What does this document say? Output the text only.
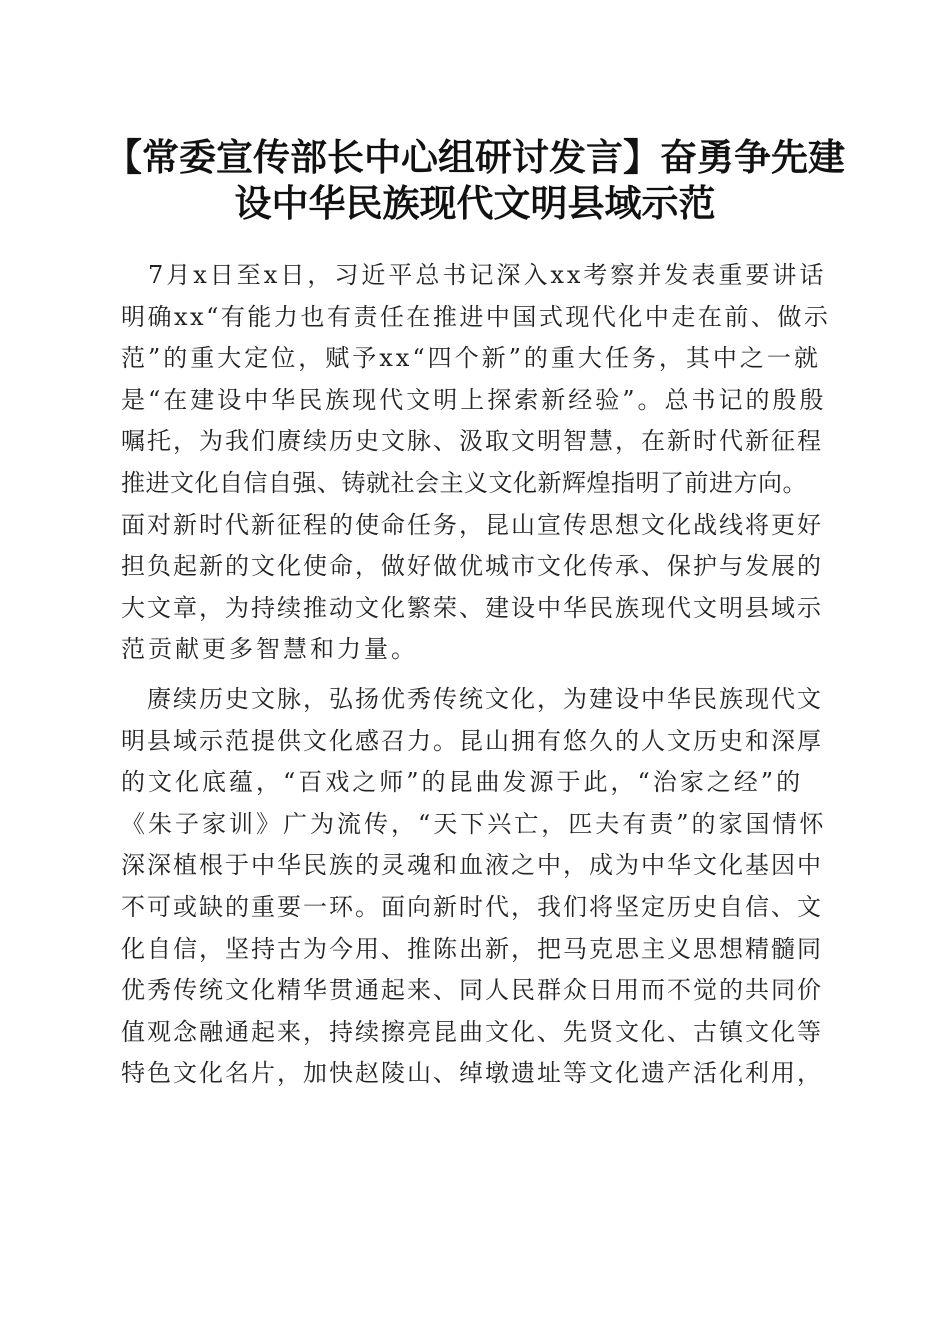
【常委宣传部长中心组研讨发言】奋勇争先建
设中华民族现代文明县域示范
　7月x日至x日，习近平总书记深入xx考察并发表重要讲话
明确xx“有能力也有责任在推进中国式现代化中走在前、做示
范”的重大定位，赋予xx“四个新”的重大任务，其中之一就
是“在建设中华民族现代文明上探索新经验”。总书记的殷殷
嘱托，为我们赓续历史文脉、汲取文明智慧，在新时代新征程
推进文化自信自强、铸就社会主义文化新辉煌指明了前进方向。
面对新时代新征程的使命任务，昆山宣传思想文化战线将更好
担负起新的文化使命，做好做优城市文化传承、保护与发展的
大文章，为持续推动文化繁荣、建设中华民族现代文明县域示
范贡献更多智慧和力量。
　赓续历史文脉，弘扬优秀传统文化，为建设中华民族现代文
明县域示范提供文化感召力。昆山拥有悠久的人文历史和深厚
的文化底蕴，“百戏之师”的昆曲发源于此，“治家之经”的
《朱子家训》广为流传，“天下兴亡，匹夫有责”的家国情怀
深深植根于中华民族的灵魂和血液之中，成为中华文化基因中
不可或缺的重要一环。面向新时代，我们将坚定历史自信、文
化自信，坚持古为今用、推陈出新，把马克思主义思想精髓同
优秀传统文化精华贯通起来、同人民群众日用而不觉的共同价
值观念融通起来，持续擦亮昆曲文化、先贤文化、古镇文化等
特色文化名片，加快赵陵山、绰墩遗址等文化遗产活化利用，
